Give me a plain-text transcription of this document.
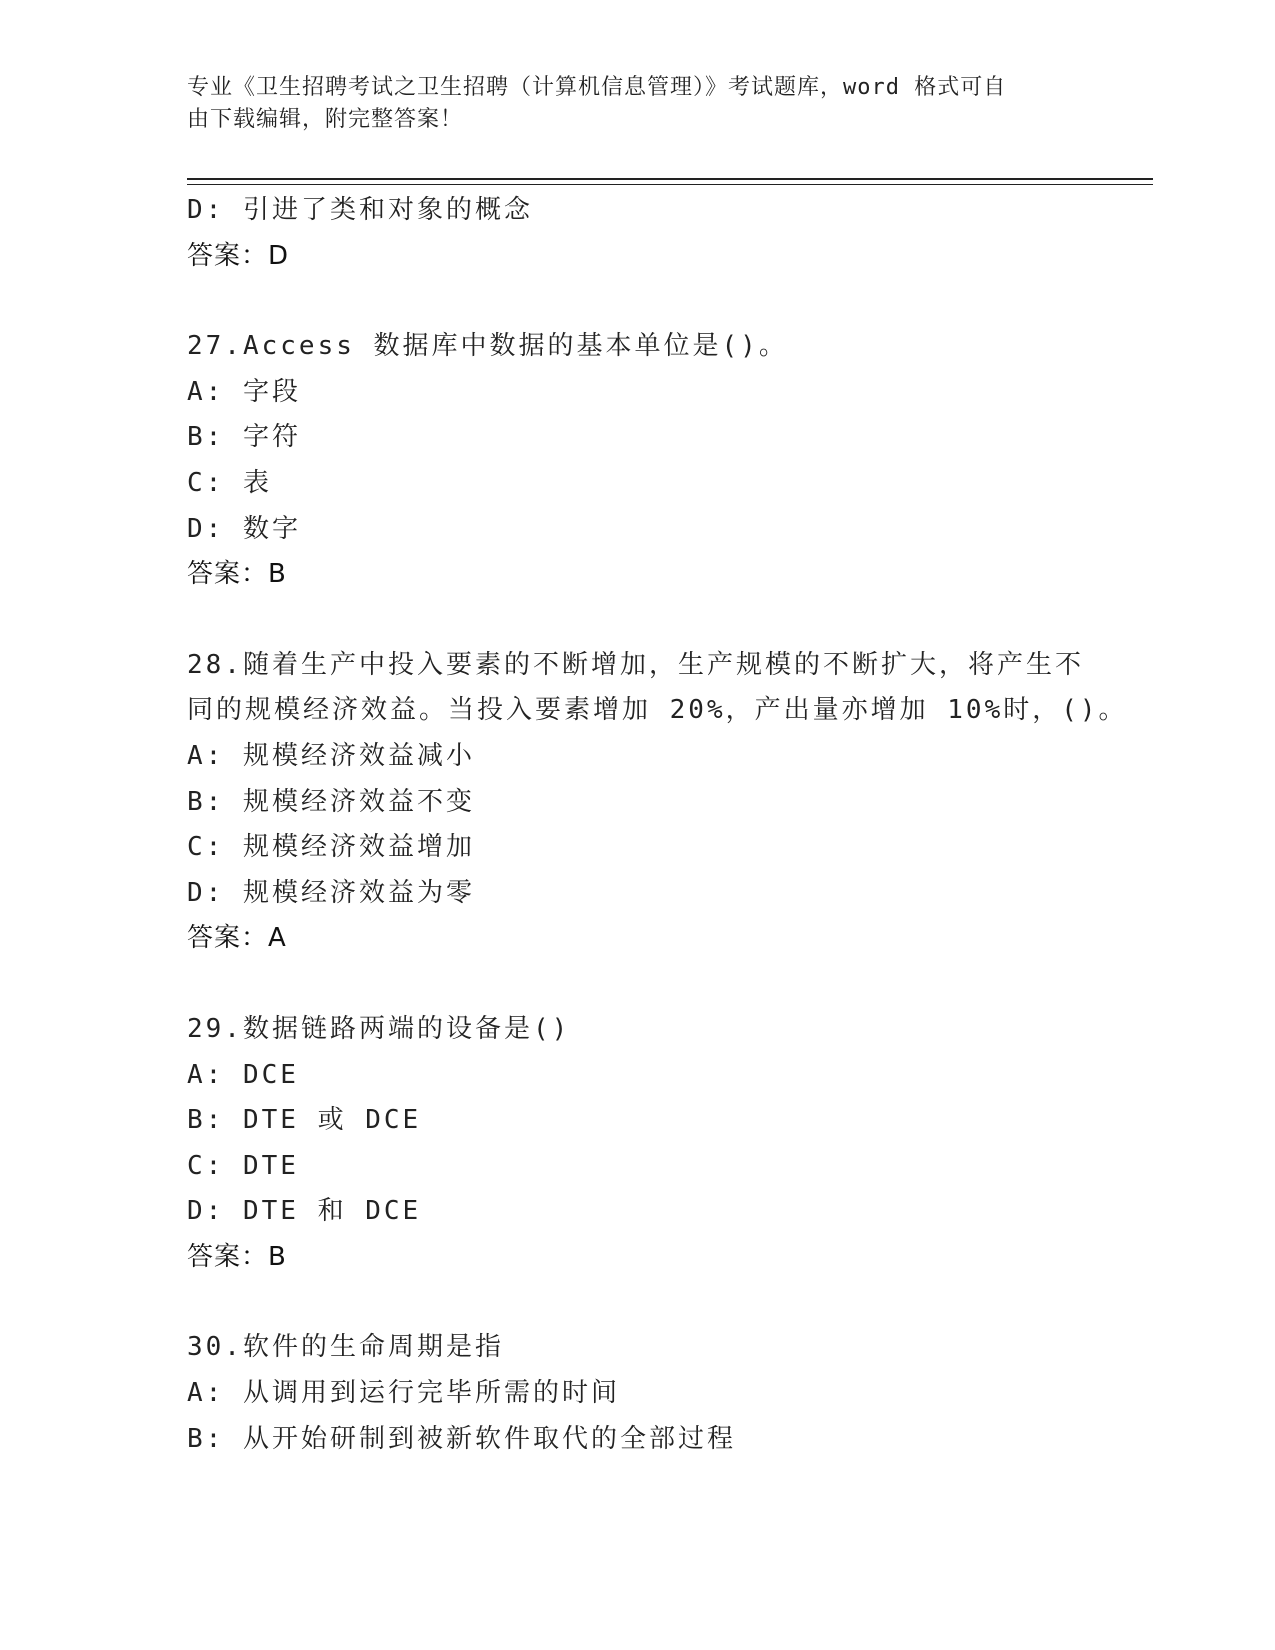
专业《卫生招聘考试之卫生招聘（计算机信息管理）》考试题库，word 格式可自
由下载编辑，附完整答案！
D: 引进了类和对象的概念
答案：D
27.Access 数据库中数据的基本单位是()。
A: 字段
B: 字符
C: 表
D: 数字
答案：B
28.随着生产中投入要素的不断增加，生产规模的不断扩大，将产生不
同的规模经济效益。当投入要素增加 20%，产出量亦增加 10%时，()。
A: 规模经济效益减小
B: 规模经济效益不变
C: 规模经济效益增加
D: 规模经济效益为零
答案：A
29.数据链路两端的设备是()
A: DCE
B: DTE 或 DCE
C: DTE
D: DTE 和 DCE
答案：B
30.软件的生命周期是指
A: 从调用到运行完毕所需的时间
B: 从开始研制到被新软件取代的全部过程
